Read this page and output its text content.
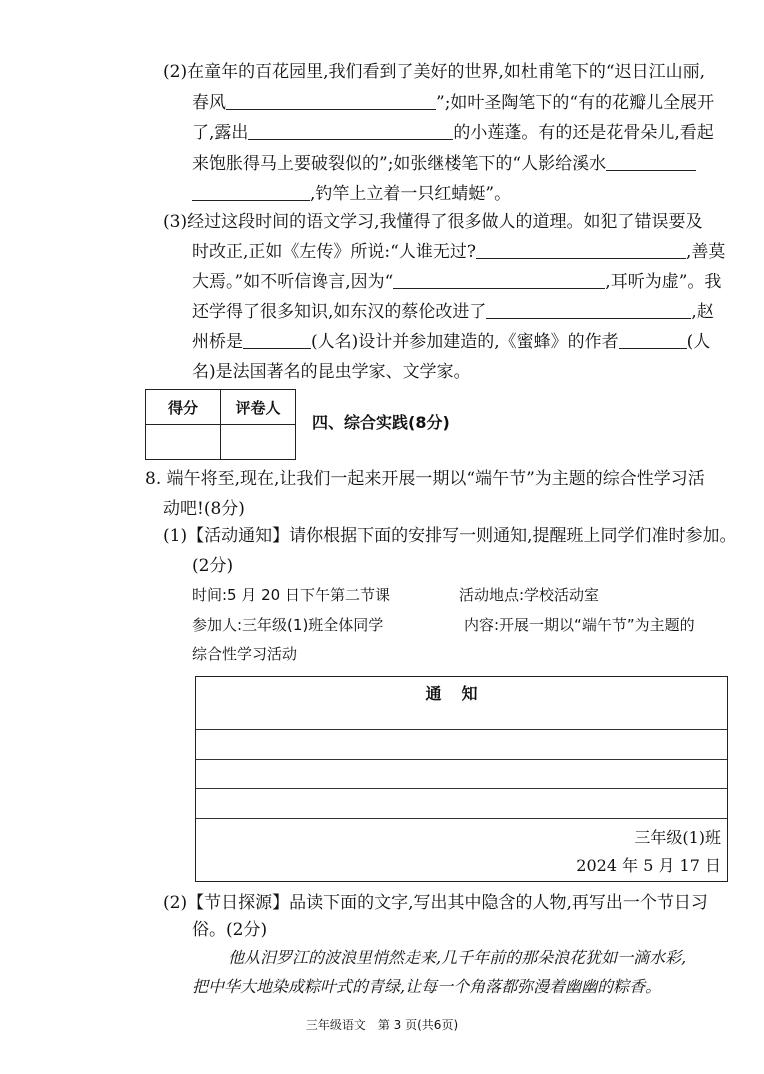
(2)在童年的百花园里,我们看到了美好的世界,如杜甫笔下的“迟日江山丽,
春风	”;如叶圣陶笔下的“有的花瓣儿全展开
了,露出	的小莲蓬。有的还是花骨朵儿,看起
来饱胀得马上要破裂似的”;如张继楼笔下的“人影给溪水
,钓竿上立着一只红蜻蜓”。
(3)经过这段时间的语文学习,我懂得了很多做人的道理。如犯了错误要及
时改正,正如《左传》所说:“人谁无过?	,善莫
大焉。”如不听信谗言,因为“	,耳听为虚”。我
还学得了很多知识,如东汉的蔡伦改进了	,赵
州桥是	(人名)设计并参加建造的,《蜜蜂》的作者	(人
名)是法国著名的昆虫学家、文学家。
得分	评卷人

四、综合实践(8分)
8. 端午将至,现在,让我们一起来开展一期以“端午节”为主题的综合性学习活
动吧!(8分)
(1)【活动通知】请你根据下面的安排写一则通知,提醒班上同学们准时参加。
(2分)
时间:5 月 20 日下午第二节课	活动地点:学校活动室
参加人:三年级(1)班全体同学	内容:开展一期以“端午节”为主题的
综合性学习活动
通知
三年级(1)班
2024 年 5 月 17 日
(2)【节日探源】品读下面的文字,写出其中隐含的人物,再写出一个节日习
俗。(2分)
他从汨罗江的波浪里悄然走来,几千年前的那朵浪花犹如一滴水彩,
把中华大地染成粽叶式的青绿,让每一个角落都弥漫着幽幽的粽香。
三年级语文　第 3 页(共6页)
